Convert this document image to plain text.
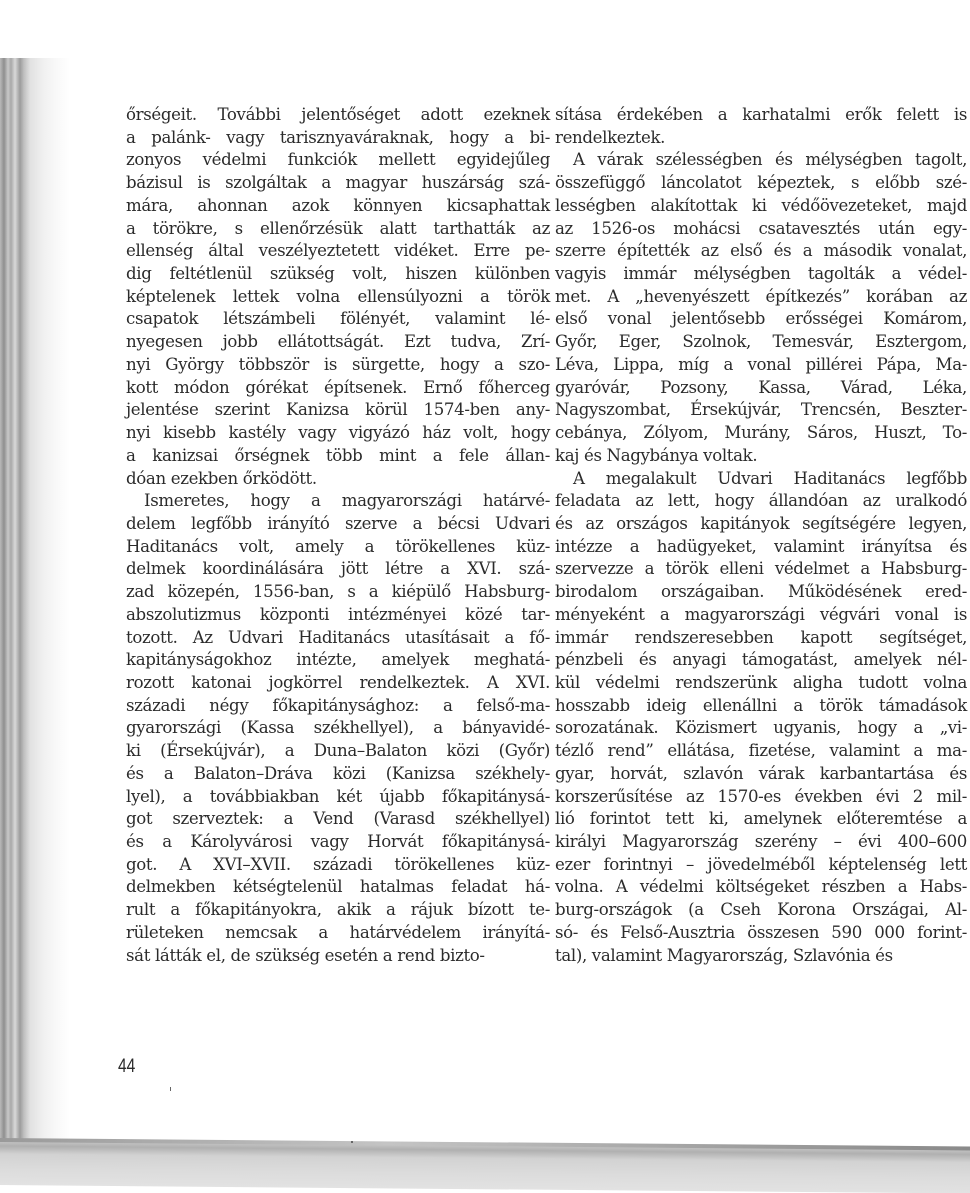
őrségeit. További jelentőséget adott ezeknek
a palánk- vagy tarisznyaváraknak, hogy a bi-
zonyos védelmi funkciók mellett egyidejűleg
bázisul is szolgáltak a magyar huszárság szá-
mára, ahonnan azok könnyen kicsaphattak
a törökre, s ellenőrzésük alatt tarthatták az
ellenség által veszélyeztetett vidéket. Erre pe-
dig feltétlenül szükség volt, hiszen különben
képtelenek lettek volna ellensúlyozni a török
csapatok létszámbeli fölényét, valamint lé-
nyegesen jobb ellátottságát. Ezt tudva, Zrí-
nyi György többször is sürgette, hogy a szo-
kott módon górékat építsenek. Ernő főherceg
jelentése szerint Kanizsa körül 1574-ben any-
nyi kisebb kastély vagy vigyázó ház volt, hogy
a kanizsai őrségnek több mint a fele állan-
dóan ezekben őrködött.
Ismeretes, hogy a magyarországi határvé-
delem legfőbb irányító szerve a bécsi Udvari
Haditanács volt, amely a törökellenes küz-
delmek koordinálására jött létre a XVI. szá-
zad közepén, 1556-ban, s a kiépülő Habsburg-
abszolutizmus központi intézményei közé tar-
tozott. Az Udvari Haditanács utasításait a fő-
kapitányságokhoz intézte, amelyek meghatá-
rozott katonai jogkörrel rendelkeztek. A XVI.
századi négy főkapitánysághoz: a felső-ma-
gyarországi (Kassa székhellyel), a bányavidé-
ki (Érsekújvár), a Duna–Balaton közi (Győr)
és a Balaton–Dráva közi (Kanizsa székhely-
lyel), a továbbiakban két újabb főkapitánysá-
got szerveztek: a Vend (Varasd székhellyel)
és a Károlyvárosi vagy Horvát főkapitánysá-
got. A XVI–XVII. századi törökellenes küz-
delmekben kétségtelenül hatalmas feladat há-
rult a főkapitányokra, akik a rájuk bízott te-
rületeken nemcsak a határvédelem irányítá-
sát látták el, de szükség esetén a rend bizto-
sítása érdekében a karhatalmi erők felett is
rendelkeztek.
A várak szélességben és mélységben tagolt,
összefüggő láncolatot képeztek, s előbb szé-
lességben alakítottak ki védőövezeteket, majd
az 1526-os mohácsi csatavesztés után egy-
szerre építették az első és a második vonalat,
vagyis immár mélységben tagolták a védel-
met. A „hevenyészett építkezés” korában az
első vonal jelentősebb erősségei Komárom,
Győr, Eger, Szolnok, Temesvár, Esztergom,
Léva, Lippa, míg a vonal pillérei Pápa, Ma-
gyaróvár, Pozsony, Kassa, Várad, Léka,
Nagyszombat, Érsekújvár, Trencsén, Beszter-
cebánya, Zólyom, Murány, Sáros, Huszt, To-
kaj és Nagybánya voltak.
A megalakult Udvari Haditanács legfőbb
feladata az lett, hogy állandóan az uralkodó
és az országos kapitányok segítségére legyen,
intézze a hadügyeket, valamint irányítsa és
szervezze a török elleni védelmet a Habsburg-
birodalom országaiban. Működésének ered-
ményeként a magyarországi végvári vonal is
immár rendszeresebben kapott segítséget,
pénzbeli és anyagi támogatást, amelyek nél-
kül védelmi rendszerünk aligha tudott volna
hosszabb ideig ellenállni a török támadások
sorozatának. Közismert ugyanis, hogy a „vi-
tézlő rend” ellátása, fizetése, valamint a ma-
gyar, horvát, szlavón várak karbantartása és
korszerűsítése az 1570-es években évi 2 mil-
lió forintot tett ki, amelynek előteremtése a
királyi Magyarország szerény – évi 400–600
ezer forintnyi – jövedelméből képtelenség lett
volna. A védelmi költségeket részben a Habs-
burg-országok (a Cseh Korona Országai, Al-
só- és Felső-Ausztria összesen 590 000 forint-
tal), valamint Magyarország, Szlavónia és
44
